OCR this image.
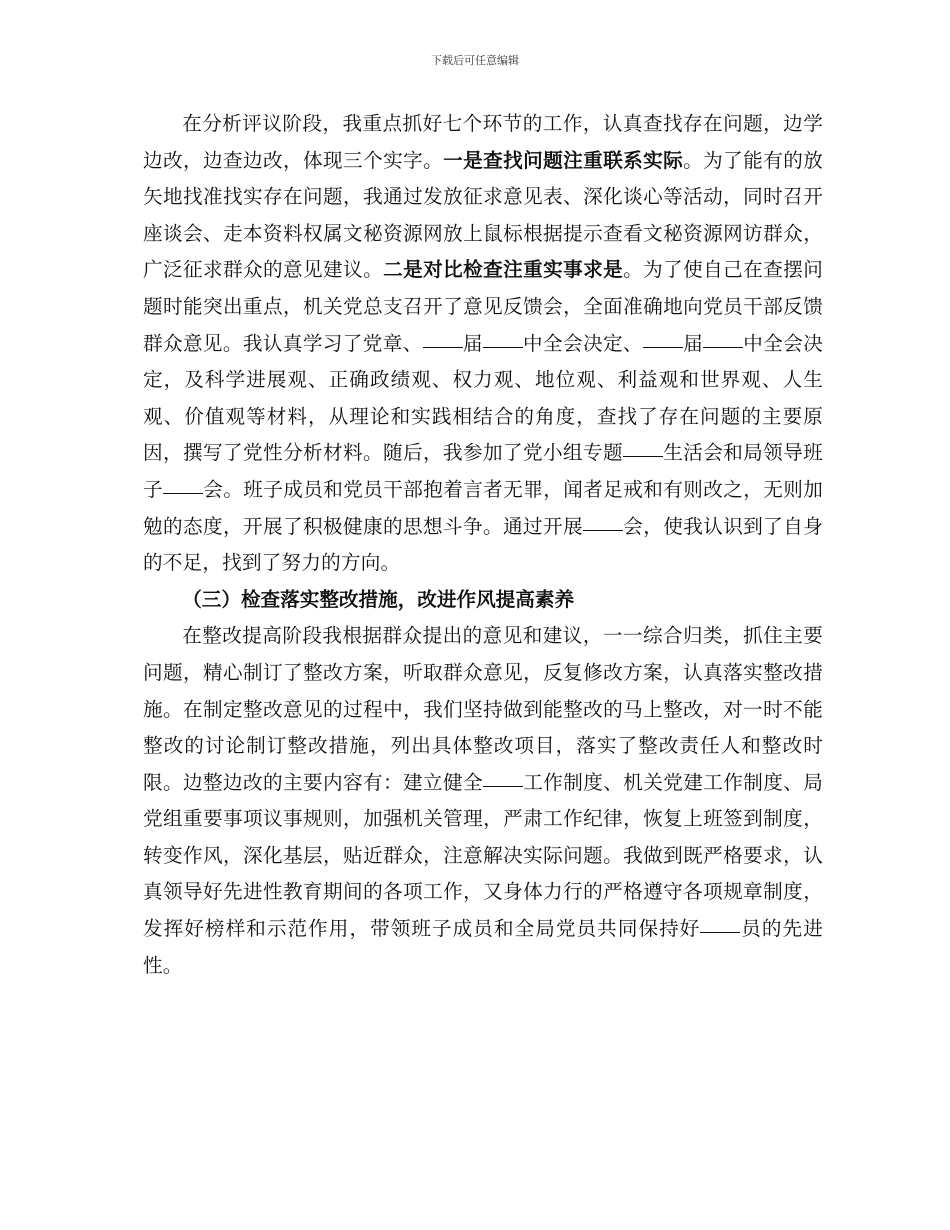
下载后可任意编辑

在分析评议阶段，我重点抓好七个环节的工作，认真查找存在问题，边学边改，边查边改，体现三个实字。一是查找问题注重联系实际。为了能有的放矢地找准找实存在问题，我通过发放征求意见表、深化谈心等活动，同时召开座谈会、走本资料权属文秘资源网放上鼠标根据提示查看文秘资源网访群众，广泛征求群众的意见建议。二是对比检查注重实事求是。为了使自己在查摆问题时能突出重点，机关党总支召开了意见反馈会，全面准确地向党员干部反馈群众意见。我认真学习了党章、 届 中全会决定、 届 中全会决定，及科学进展观、正确政绩观、权力观、地位观、利益观和世界观、人生观、价值观等材料，从理论和实践相结合的角度，查找了存在问题的主要原因，撰写了党性分析材料。随后，我参加了党小组专题 生活会和局领导班子 会。班子成员和党员干部抱着言者无罪，闻者足戒和有则改之，无则加勉的态度，开展了积极健康的思想斗争。通过开展 会，使我认识到了自身的不足，找到了努力的方向。

（三）检查落实整改措施，改进作风提高素养

在整改提高阶段我根据群众提出的意见和建议，一一综合归类，抓住主要问题，精心制订了整改方案，听取群众意见，反复修改方案，认真落实整改措施。在制定整改意见的过程中，我们坚持做到能整改的马上整改，对一时不能整改的讨论制订整改措施，列出具体整改项目，落实了整改责任人和整改时限。边整边改的主要内容有：建立健全 工作制度、机关党建工作制度、局党组重要事项议事规则，加强机关管理，严肃工作纪律，恢复上班签到制度，转变作风，深化基层，贴近群众，注意解决实际问题。我做到既严格要求，认真领导好先进性教育期间的各项工作，又身体力行的严格遵守各项规章制度，发挥好榜样和示范作用，带领班子成员和全局党员共同保持好 员的先进性。
